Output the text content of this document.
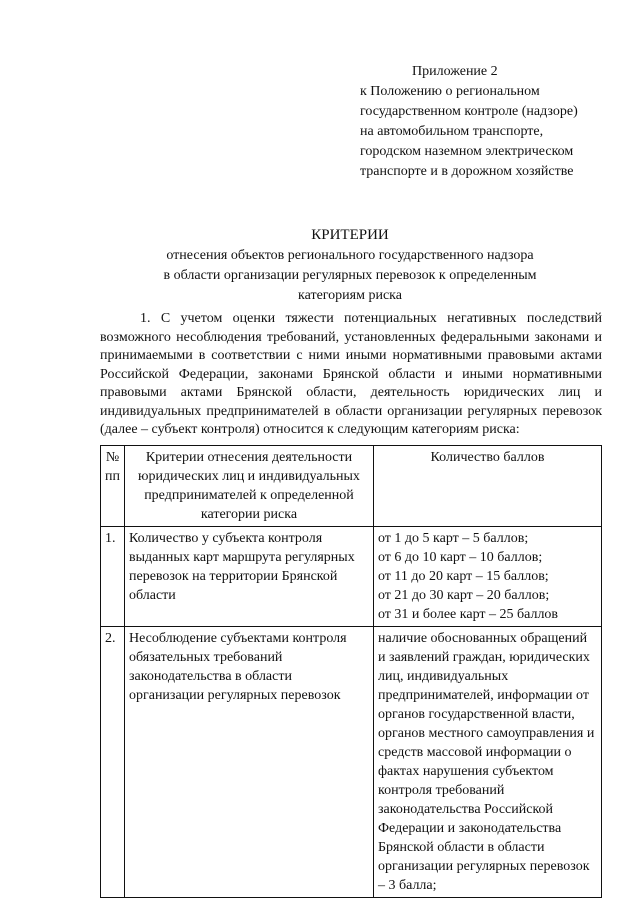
Приложение 2
к Положению о региональном
государственном контроле (надзоре)
на автомобильном транспорте,
городском наземном электрическом
транспорте и в дорожном хозяйстве
КРИТЕРИИ
отнесения объектов регионального государственного надзора
в области организации регулярных перевозок к определенным
категориям риска

1. С учетом оценки тяжести потенциальных негативных последствий возможного несоблюдения требований, установленных федеральными законами и принимаемыми в соответствии с ними иными нормативными правовыми актами Российской Федерации, законами Брянской области и иными нормативными правовыми актами Брянской области, деятельность юридических лиц и индивидуальных предпринимателей в области организации регулярных перевозок (далее – субъект контроля) относится к следующим категориям риска:

№ пп	Критерии отнесения деятельности юридических лиц и индивидуальных предпринимателей к определенной категории риска	Количество баллов
1.	Количество у субъекта контроля выданных карт маршрута регулярных перевозок на территории Брянской области	от 1 до 5 карт – 5 баллов;
от 6 до 10 карт – 10 баллов;
от 11 до 20 карт – 15 баллов;
от 21 до 30 карт – 20 баллов;
от 31 и более карт – 25 баллов
2.	Несоблюдение субъектами контроля обязательных требований законодательства в области организации регулярных перевозок	наличие обоснованных обращений и заявлений граждан, юридических лиц, индивидуальных предпринимателей, информации от органов государственной власти, органов местного самоуправления и средств массовой информации о фактах нарушения субъектом контроля требований законодательства Российской Федерации и законодательства Брянской области в области организации регулярных перевозок – 3 балла;
